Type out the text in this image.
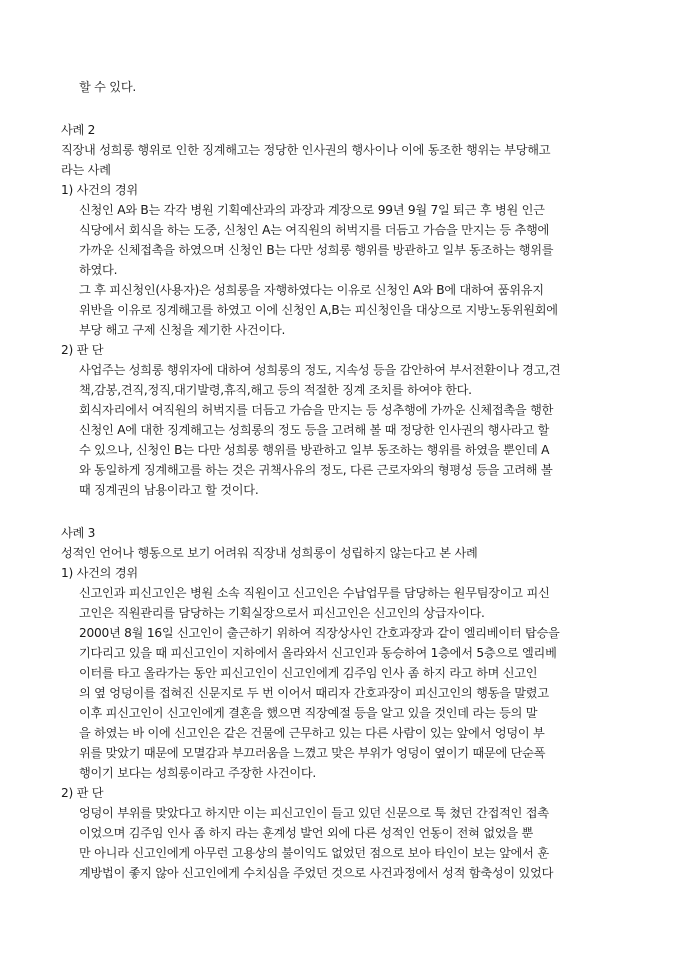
할 수 있다.
사례 2
직장내 성희롱 행위로 인한 징계해고는 정당한 인사권의 행사이나 이에 동조한 행위는 부당해고
라는 사례
1) 사건의 경위
신청인 A와 B는 각각 병원 기획예산과의 과장과 계장으로 99년 9월 7일 퇴근 후 병원 인근
식당에서 회식을 하는 도중, 신청인 A는 여직원의 허벅지를 더듬고 가슴을 만지는 등 추행에
가까운 신체접촉을 하였으며 신청인 B는 다만 성희롱 행위를 방관하고 일부 동조하는 행위를
하였다.
그 후 피신청인(사용자)은 성희롱을 자행하였다는 이유로 신청인 A와 B에 대하여 품위유지
위반을 이유로 징계해고를 하였고 이에 신청인 A,B는 피신청인을 대상으로 지방노동위원회에
부당 해고 구제 신청을 제기한 사건이다.
2) 판 단
사업주는 성희롱 행위자에 대하여 성희롱의 정도, 지속성 등을 감안하여 부서전환이나 경고,견
책,감봉,견직,정직,대기발령,휴직,해고 등의 적절한 징계 조치를 하여야 한다.
회식자리에서 여직원의 허벅지를 더듬고 가슴을 만지는 등 성추행에 가까운 신체접촉을 행한
신청인 A에 대한 징계해고는 성희롱의 정도 등을 고려해 볼 때 정당한 인사권의 행사라고 할
수 있으나, 신청인 B는 다만 성희롱 행위를 방관하고 일부 동조하는 행위를 하였을 뿐인데 A
와 동일하게 징계해고를 하는 것은 귀책사유의 정도, 다른 근로자와의 형평성 등을 고려해 볼
때 징계권의 남용이라고 할 것이다.
사례 3
성적인 언어나 행동으로 보기 어려워 직장내 성희롱이 성립하지 않는다고 본 사례
1) 사건의 경위
신고인과 피신고인은 병원 소속 직원이고 신고인은 수납업무를 담당하는 원무팀장이고 피신
고인은 직원관리를 담당하는 기획실장으로서 피신고인은 신고인의 상급자이다.
2000년 8월 16일 신고인이 출근하기 위하여 직장상사인 간호과장과 같이 엘리베이터 탑승을
기다리고 있을 때 피신고인이 지하에서 올라와서 신고인과 동승하여 1층에서 5층으로 엘리베
이터를 타고 올라가는 동안 피신고인이 신고인에게 김주임 인사 좀 하지 라고 하며 신고인
의 옆 엉덩이를 접혀진 신문지로 두 번 이어서 때리자 간호과장이 피신고인의 행동을 말렸고
이후 피신고인이 신고인에게 결혼을 했으면 직장예절 등을 알고 있을 것인데 라는 등의 말
을 하였는 바 이에 신고인은 같은 건물에 근무하고 있는 다른 사람이 있는 앞에서 엉덩이 부
위를 맞았기 때문에 모멸감과 부끄러움을 느꼈고 맞은 부위가 엉덩이 옆이기 때문에 단순폭
행이기 보다는 성희롱이라고 주장한 사건이다.
2) 판 단
엉덩이 부위를 맞았다고 하지만 이는 피신고인이 들고 있던 신문으로 툭 쳤던 간접적인 접촉
이었으며 김주임 인사 좀 하지 라는 훈계성 발언 외에 다른 성적인 언동이 전혀 없었을 뿐
만 아니라 신고인에게 아무런 고용상의 불이익도 없었던 점으로 보아 타인이 보는 앞에서 훈
계방법이 좋지 않아 신고인에게 수치심을 주었던 것으로 사건과정에서 성적 함축성이 있었다
